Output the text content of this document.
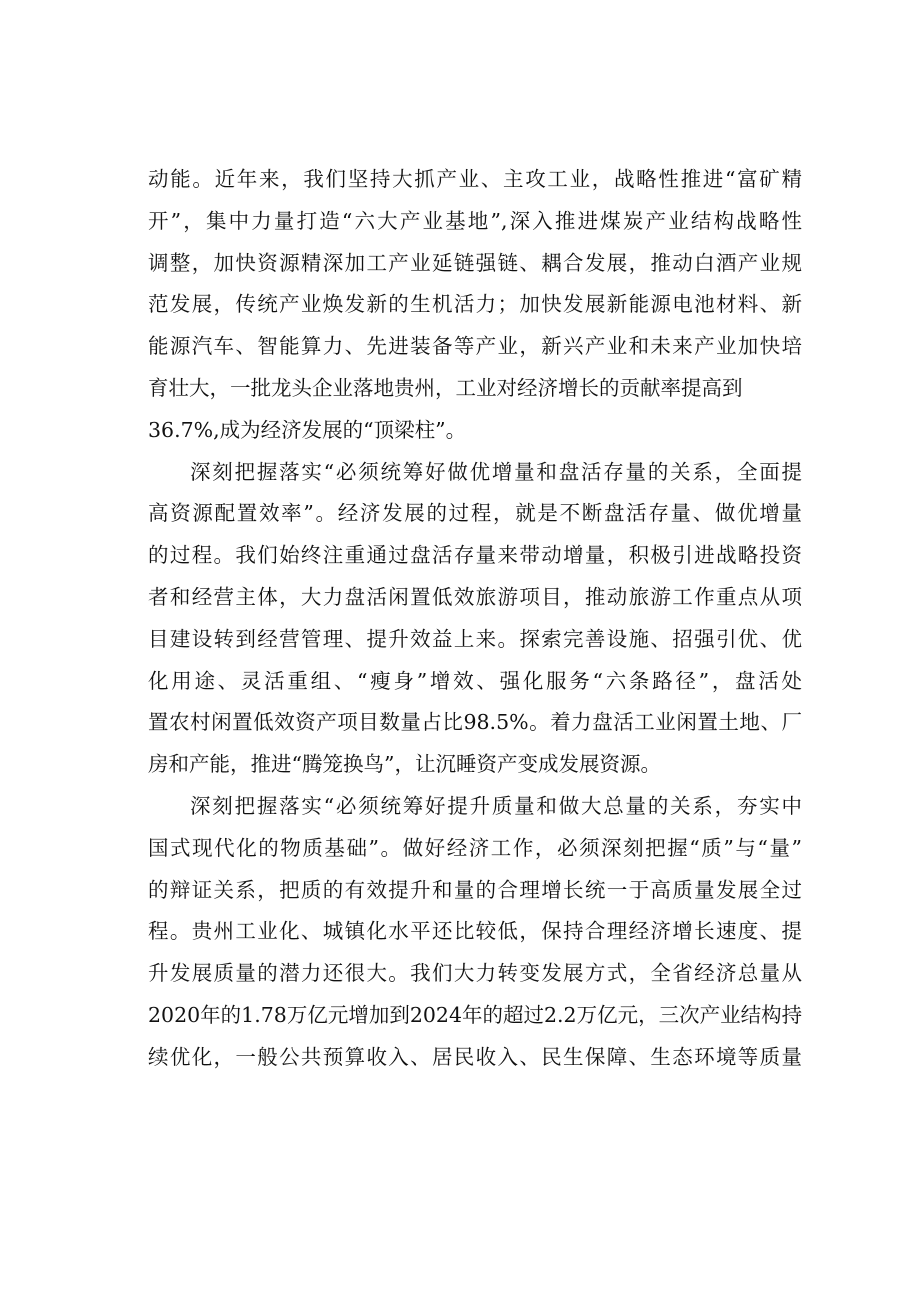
动能。近年来，我们坚持大抓产业、主攻工业，战略性推进“富矿精
开”，集中力量打造“六大产业基地”,深入推进煤炭产业结构战略性
调整，加快资源精深加工产业延链强链、耦合发展，推动白酒产业规
范发展，传统产业焕发新的生机活力；加快发展新能源电池材料、新
能源汽车、智能算力、先进装备等产业，新兴产业和未来产业加快培
育壮大，一批龙头企业落地贵州，工业对经济增长的贡献率提高到
36.7%,成为经济发展的“顶梁柱”。
深刻把握落实“必须统筹好做优增量和盘活存量的关系，全面提
高资源配置效率”。经济发展的过程，就是不断盘活存量、做优增量
的过程。我们始终注重通过盘活存量来带动增量，积极引进战略投资
者和经营主体，大力盘活闲置低效旅游项目，推动旅游工作重点从项
目建设转到经营管理、提升效益上来。探索完善设施、招强引优、优
化用途、灵活重组、“瘦身”增效、强化服务“六条路径”，盘活处
置农村闲置低效资产项目数量占比98.5%。着力盘活工业闲置土地、厂
房和产能，推进“腾笼换鸟”，让沉睡资产变成发展资源。
深刻把握落实“必须统筹好提升质量和做大总量的关系，夯实中
国式现代化的物质基础”。做好经济工作，必须深刻把握“质”与“量”
的辩证关系，把质的有效提升和量的合理增长统一于高质量发展全过
程。贵州工业化、城镇化水平还比较低，保持合理经济增长速度、提
升发展质量的潜力还很大。我们大力转变发展方式，全省经济总量从
2020年的1.78万亿元增加到2024年的超过2.2万亿元，三次产业结构持
续优化，一般公共预算收入、居民收入、民生保障、生态环境等质量
